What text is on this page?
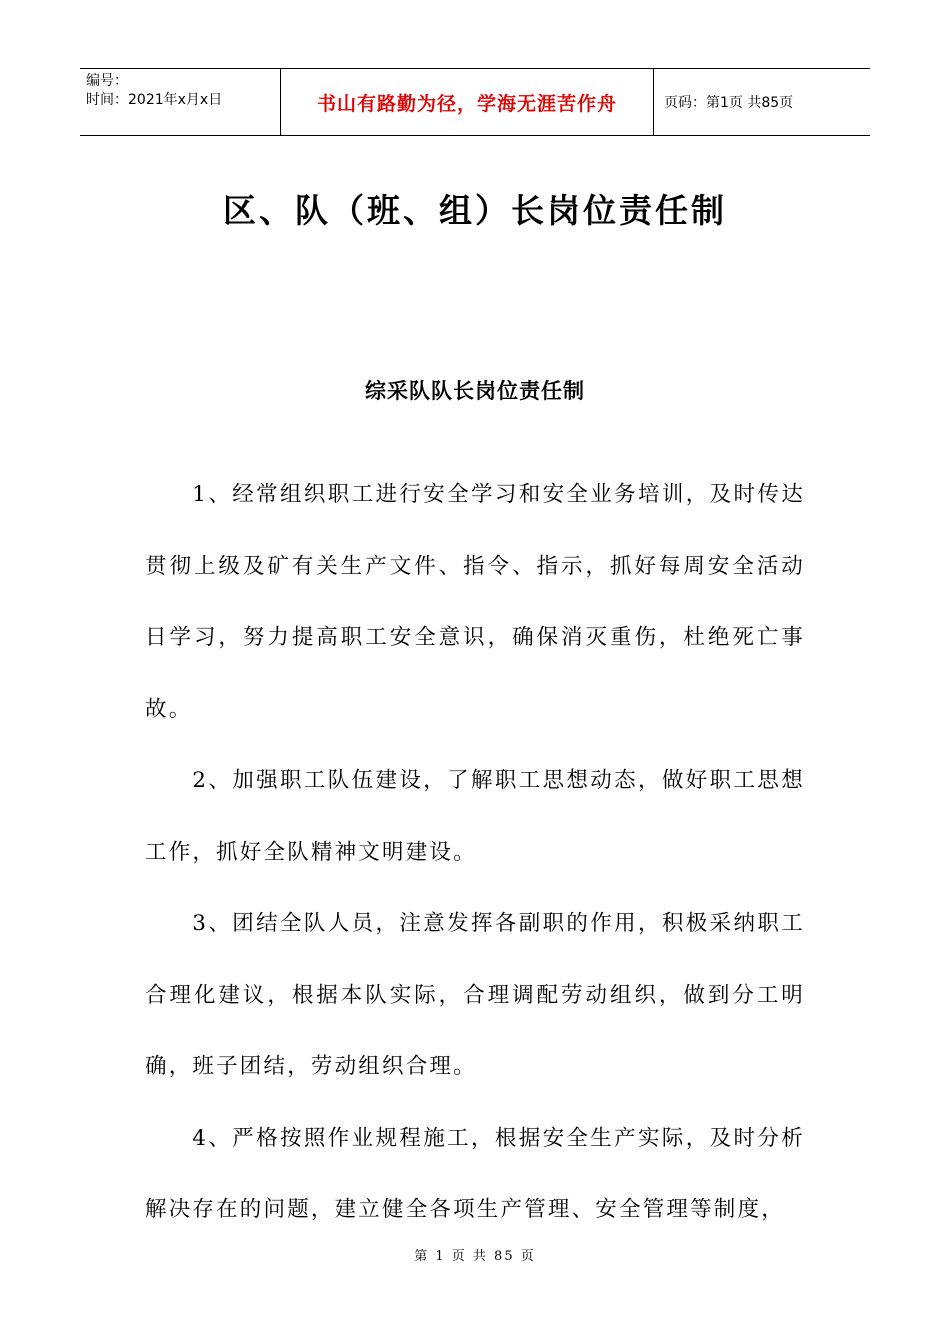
编号：
时间：2021年x月x日	书山有路勤为径，学海无涯苦作舟	页码：第1页 共85页
区、队（班、组）长岗位责任制
综采队队长岗位责任制

1、经常组织职工进行安全学习和安全业务培训，及时传达贯彻上级及矿有关生产文件、指令、指示，抓好每周安全活动日学习，努力提高职工安全意识，确保消灭重伤，杜绝死亡事故。

2、加强职工队伍建设，了解职工思想动态，做好职工思想工作，抓好全队精神文明建设。

3、团结全队人员，注意发挥各副职的作用，积极采纳职工合理化建议，根据本队实际，合理调配劳动组织，做到分工明确，班子团结，劳动组织合理。

4、严格按照作业规程施工，根据安全生产实际，及时分析解决存在的问题，建立健全各项生产管理、安全管理等制度，

第 1 页 共 85 页
